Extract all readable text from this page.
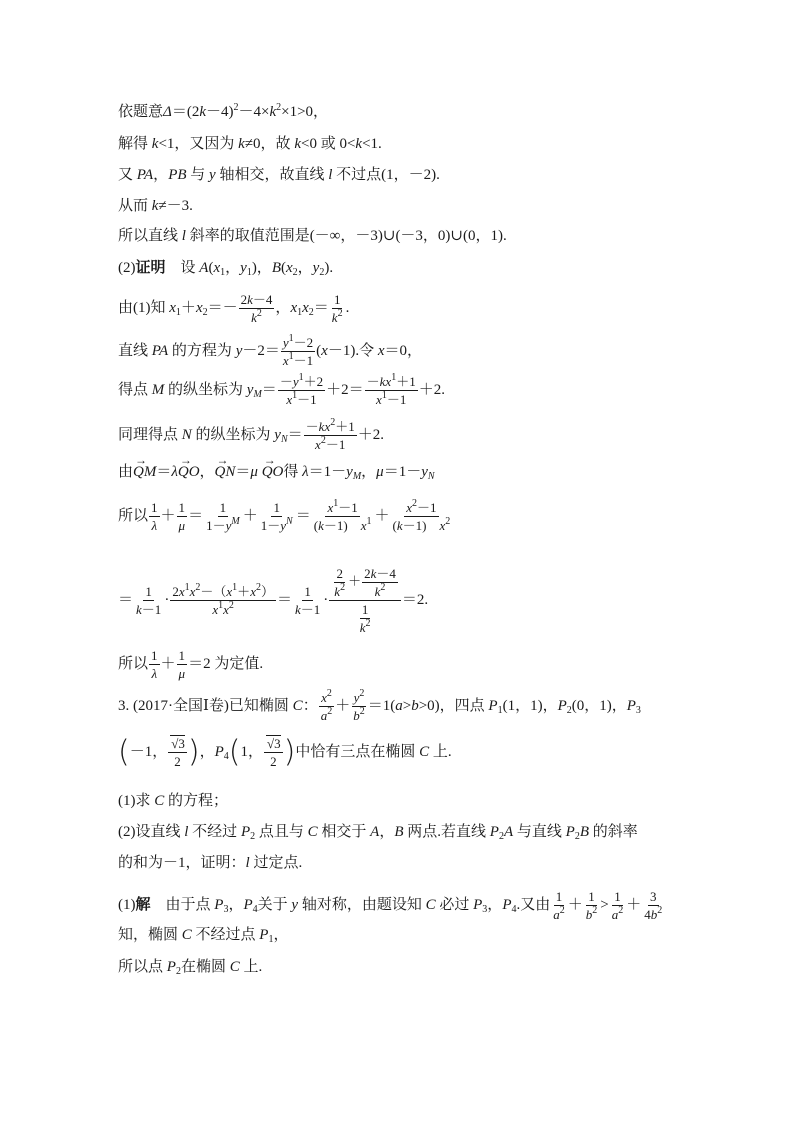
依题意$\Delta=(2k-4)^2-4\times k^2\times 1>0$，
解得 k<1，又因为 k≠0，故 k<0 或 0<k<1.
又 PA，PB 与 y 轴相交，故直线 l 不过点(1，－2).
从而 k≠－3.
所以直线 l 斜率的取值范围是(－∞，－3)∪(－3，0)∪(0，1).
(2)证明　设 $A(x_1$，$y_1$)，$B(x_2$，$y_2$).
由(1)知 $x_1+x_2=- \frac{2k-4}{k^2}$ ，$x_1x_2= \frac{1}{k^2}$ .
直线 PA 的方程为 $y-2= \frac{y^1-2}{x^1-1} (x-1)$.令 x＝0，
得点 M 的纵坐标为 $y_M= \frac{-y^1+2}{x^1-1} +2= \frac{-kx^1+1}{x^1-1} +2$.
同理得点 N 的纵坐标为 $y_N= \frac{-kx^2+1}{x^2-1} +2$.
由→ QM＝λ→ QO，→ QN＝μ → QO得 $\lambda=1-y_M$，$\mu=1-y_N$
所以 $\frac{1}{\lambda} + \frac{1}{\mu} = \frac{1}{1-y^M} + \frac{1}{1-y^N} = \frac{x^1-1}{(k-1) x^1} + \frac{x^2-1}{(k-1) x^2}$
＝ $\frac{1}{k-1} \cdot \frac{2x^1x^2-(x^1+x^2)}{x^1x^2} = \frac{1}{k-1} \cdot \frac{\frac{2}{k^2} + \frac{2k-4}{k^2}}{\frac{1}{k^2}} =2$.
所以 $\frac{1}{\lambda} + \frac{1}{\mu} =2$ 为定值.
3. (2017·全国Ⅰ卷)已知椭圆 C： $\frac{x^2}{a^2} + \frac{y^2}{b^2} =1(a>b>0)$，四点 $P_1(1$，1)，$P_2(0$，1)，$P_3$
(－1， $\frac{√3}{2}$ )，$P_4(1$， $\frac{√3}{2}$ )中恰有三点在椭圆 C 上.
(1)求 C 的方程；
(2)设直线 l 不经过 $P_2$ 点且与 C 相交于 A，B 两点.若直线 $P_2A$ 与直线 $P_2B$ 的斜率
的和为－1，证明：l 过定点.
(1)解　由于点 $P_3$，$P_4$关于 y 轴对称，由题设知 C 必过 $P_3$，$P_4$.又由 $\frac{1}{a^2} + \frac{1}{b^2} > \frac{1}{a^2} + \frac{3}{4b^2}$
知，椭圆 C 不经过点 $P_1$，
所以点 $P_2$在椭圆 C 上.
